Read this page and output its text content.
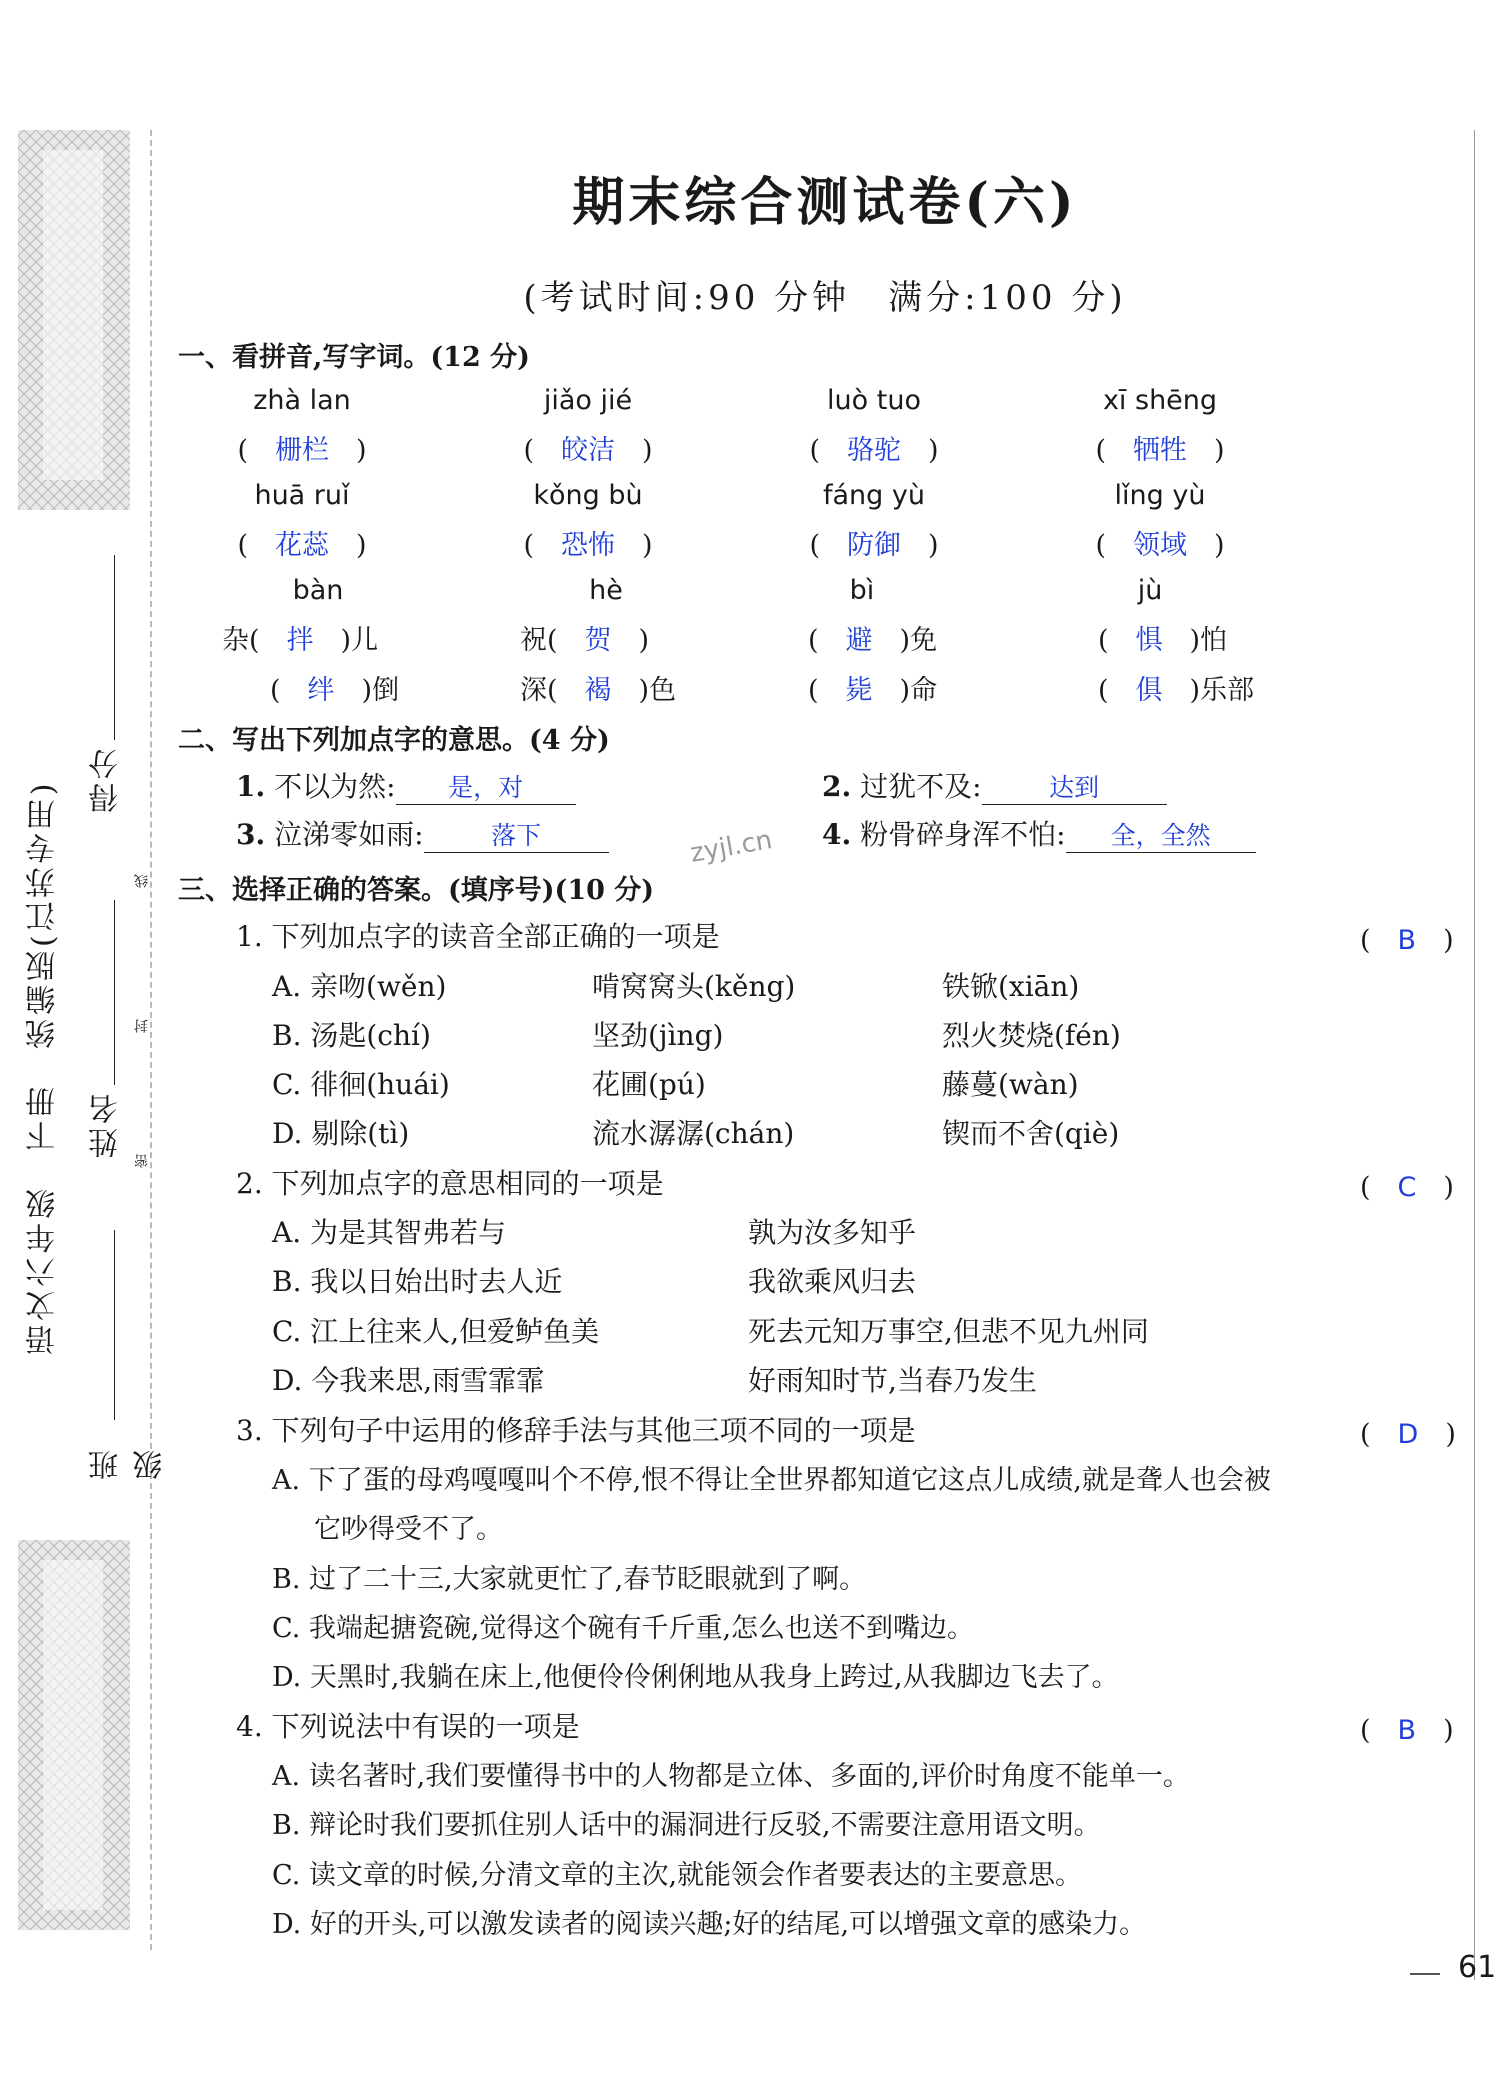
语文六年级　下册　统编版(江苏专用)
班级
姓名
得分
线
封
密
期末综合测试卷(六)
(考试时间:90 分钟　满分:100 分)
一、看拼音,写字词。(12 分)
zhà lan	jiǎo jié	luò tuo	xī shēng
(　栅栏　)	(　皎洁　)	(　骆驼　)	(　牺牲　)
huā ruǐ	kǒng bù	fáng yù	lǐng yù
(　花蕊　)	(　恐怖　)	(　防御　)	(　领域　)
bàn	hè	bì	jù
杂(　 拌　 )儿	祝(　 贺　 )	(　 避　 )免	(　 惧　 )怕
(　 绊　 )倒	深(　 褐　 )色	(　 毙　 )命	(　 俱　 )乐部
二、写出下列加点字的意思。(4 分)
1. 不以为然: 是，对	2. 过犹不及:	达到
3. 泣涕零如雨:	落下	4. 粉骨碎身浑不怕: 全，全然
zyjl.cn
三、选择正确的答案。(填序号)(10 分)
1. 下列加点字的读音全部正确的一项是	(　B　)
A. 亲吻(wěn)	啃窝窝头(kěng)	铁锨(xiān)
B. 汤匙(chí)	坚劲(jìng)	烈火焚烧(fén)
C. 徘徊(huái)	花圃(pú)	藤蔓(wàn)
D. 剔除(tì)	流水潺潺(chán)	锲而不舍(qiè)
2. 下列加点字的意思相同的一项是	(　C　)
A. 为是其智弗若与	孰为汝多知乎
B. 我以日始出时去人近	我欲乘风归去
C. 江上往来人,但爱鲈鱼美	死去元知万事空,但悲不见九州同
D. 今我来思,雨雪霏霏	好雨知时节,当春乃发生
3. 下列句子中运用的修辞手法与其他三项不同的一项是	(　D　)
A. 下了蛋的母鸡嘎嘎叫个不停,恨不得让全世界都知道它这点儿成绩,就是聋人也会被
它吵得受不了。
B. 过了二十三,大家就更忙了,春节眨眼就到了啊。
C. 我端起搪瓷碗,觉得这个碗有千斤重,怎么也送不到嘴边。
D. 天黑时,我躺在床上,他便伶伶俐俐地从我身上跨过,从我脚边飞去了。
4. 下列说法中有误的一项是	(　B　)
A. 读名著时,我们要懂得书中的人物都是立体、多面的,评价时角度不能单一。
B. 辩论时我们要抓住别人话中的漏洞进行反驳,不需要注意用语文明。
C. 读文章的时候,分清文章的主次,就能领会作者要表达的主要意思。
D. 好的开头,可以激发读者的阅读兴趣;好的结尾,可以增强文章的感染力。
61
